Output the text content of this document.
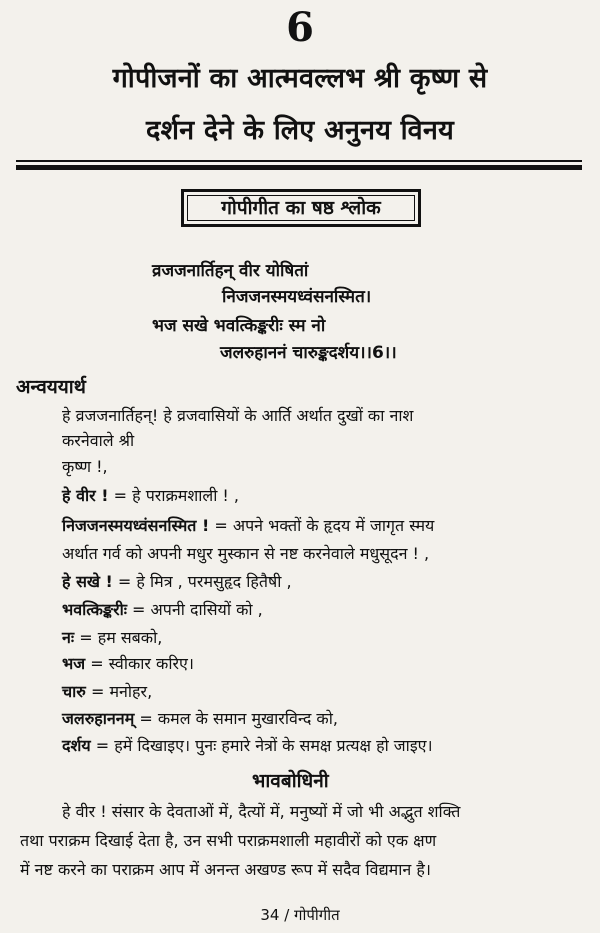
6
गोपीजनों का आत्मवल्लभ श्री कृष्ण से
दर्शन देने के लिए अनुनय विनय
गोपीगीत का षष्ठ श्लोक
व्रजजनार्तिहन् वीर योषितां
निजजनस्मयध्वंसनस्मित।
भज सखे भवत्किङ्करीः स्म नो
जलरुहाननं चारुङ्कदर्शय।।6।।
अन्वययार्थ
हे व्रजजनार्तिहन्! हे व्रजवासियों के आर्ति अर्थात दुखों का नाश
करनेवाले श्री
कृष्ण !,
हे वीर ! = हे पराक्रमशाली ! ,
निजजनस्मयध्वंसनस्मित ! = अपने भक्तों के हृदय में जागृत स्मय
अर्थात गर्व को अपनी मधुर मुस्कान से नष्ट करनेवाले मधुसूदन ! ,
हे सखे ! = हे मित्र , परमसुहृद हितैषी ,
भवत्किङ्करीः = अपनी दासियों को ,
नः = हम सबको,
भज = स्वीकार करिए।
चारु = मनोहर,
जलरुहाननम् = कमल के समान मुखारविन्द को,
दर्शय = हमें दिखाइए। पुनः हमारे नेत्रों के समक्ष प्रत्यक्ष हो जाइए।
भावबोधिनी
हे वीर ! संसार के देवताओं में, दैत्यों में, मनुष्यों में जो भी अद्भुत शक्ति
तथा पराक्रम दिखाई देता है, उन सभी पराक्रमशाली महावीरों को एक क्षण
में नष्ट करने का पराक्रम आप में अनन्त अखण्ड रूप में सदैव विद्यमान है।
34 / गोपीगीत
